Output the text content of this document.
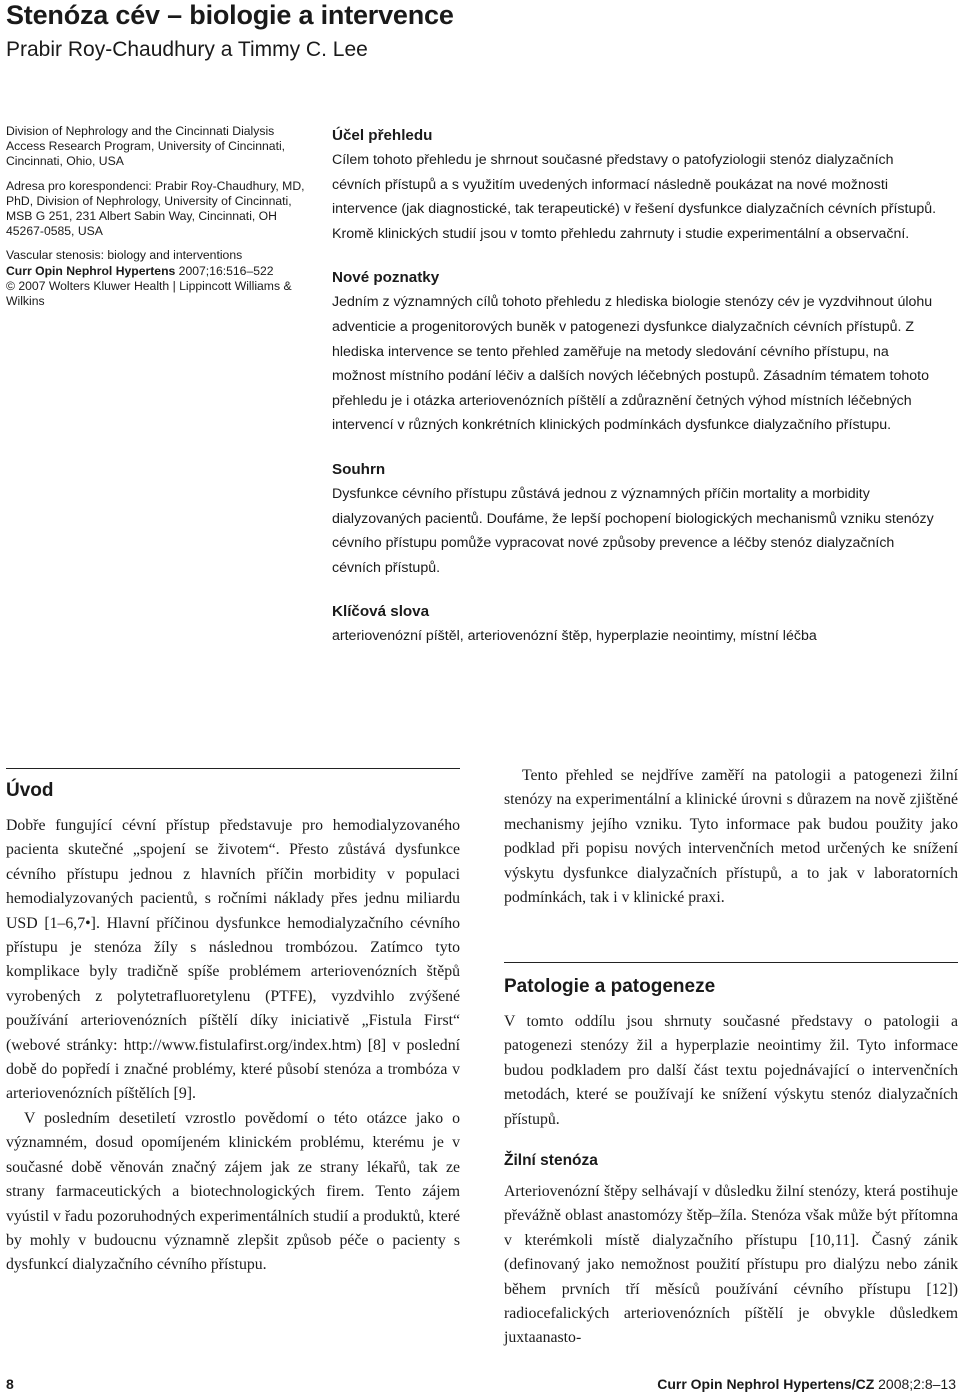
Stenóza cév – biologie a intervence
Prabir Roy-Chaudhury a Timmy C. Lee

Division of Nephrology and the Cincinnati Dialysis Access Research Program, University of Cincinnati, Cincinnati, Ohio, USA

Adresa pro korespondenci: Prabir Roy-Chaudhury, MD, PhD, Division of Nephrology, University of Cincinnati, MSB G 251, 231 Albert Sabin Way, Cincinnati, OH 45267-0585, USA

Vascular stenosis: biology and interventions
Curr Opin Nephrol Hypertens 2007;16:516–522
© 2007 Wolters Kluwer Health | Lippincott Williams & Wilkins

Účel přehledu

Cílem tohoto přehledu je shrnout současné představy o patofyziologii stenóz dialyzačních cévních přístupů a s využitím uvedených informací následně poukázat na nové možnosti intervence (jak diagnostické, tak terapeutické) v řešení dysfunkce dialyzačních cévních přístupů. Kromě klinických studií jsou v tomto přehledu zahrnuty i studie experimentální a observační.

Nové poznatky

Jedním z významných cílů tohoto přehledu z hlediska biologie stenózy cév je vyzdvihnout úlohu adventicie a progenitorových buněk v patogenezi dysfunkce dialyzačních cévních přístupů. Z hlediska intervence se tento přehled zaměřuje na metody sledování cévního přístupu, na možnost místního podání léčiv a dalších nových léčebných postupů. Zásadním tématem tohoto přehledu je i otázka arteriovenózních píštělí a zdůraznění četných výhod místních léčebných intervencí v různých konkrétních klinických podmínkách dysfunkce dialyzačního přístupu.

Souhrn

Dysfunkce cévního přístupu zůstává jednou z významných příčin mortality a morbidity dialyzovaných pacientů. Doufáme, že lepší pochopení biologických mechanismů vzniku stenózy cévního přístupu pomůže vypracovat nové způsoby prevence a léčby stenóz dialyzačních cévních přístupů.

Klíčová slova

arteriovenózní píštěl, arteriovenózní štěp, hyperplazie neointimy, místní léčba

Úvod

Dobře fungující cévní přístup představuje pro hemodialyzovaného pacienta skutečné „spojení se životem“. Přesto zůstává dysfunkce cévního přístupu jednou z hlavních příčin morbidity v populaci hemodialyzovaných pacientů, s ročními náklady přes jednu miliardu USD [1–6,7•]. Hlavní příčinou dysfunkce hemodialyzačního cévního přístupu je stenóza žíly s následnou trombózou. Zatímco tyto komplikace byly tradičně spíše problémem arteriovenózních štěpů vyrobených z polytetrafluoretylenu (PTFE), vyzdvihlo zvýšené používání arteriovenózních píštělí díky iniciativě „Fistula First“ (webové stránky: http://www.fistulafirst.org/index.htm) [8] v poslední době do popředí i značné problémy, které působí stenóza a trombóza v arteriovenózních píštělích [9].

V posledním desetiletí vzrostlo povědomí o této otázce jako o významném, dosud opomíjeném klinickém problému, kterému je v současné době věnován značný zájem jak ze strany lékařů, tak ze strany farmaceutických a biotechnologických firem. Tento zájem vyústil v řadu pozoruhodných experimentálních studií a produktů, které by mohly v budoucnu významně zlepšit způsob péče o pacienty s dysfunkcí dialyzačního cévního přístupu.

Tento přehled se nejdříve zaměří na patologii a patogenezi žilní stenózy na experimentální a klinické úrovni s důrazem na nově zjištěné mechanismy jejího vzniku. Tyto informace pak budou použity jako podklad při popisu nových intervenčních metod určených ke snížení výskytu dysfunkce dialyzačních přístupů, a to jak v laboratorních podmínkách, tak i v klinické praxi.

Patologie a patogeneze

V tomto oddílu jsou shrnuty současné představy o patologii a patogenezi stenózy žil a hyperplazie neointimy žil. Tyto informace budou podkladem pro další část textu pojednávající o intervenčních metodách, které se používají ke snížení výskytu stenóz dialyzačních přístupů.

Žilní stenóza

Arteriovenózní štěpy selhávají v důsledku žilní stenózy, která postihuje převážně oblast anastomózy štěp–žíla. Stenóza však může být přítomna v kterémkoli místě dialyzačního přístupu [10,11]. Časný zánik (definovaný jako nemožnost použití přístupu pro dialýzu nebo zánik během prvních tří měsíců používání cévního přístupu [12]) radiocefalických arteriovenózních píštělí je obvykle důsledkem juxtaanasto-

8	Curr Opin Nephrol Hypertens/CZ 2008;2:8–13
